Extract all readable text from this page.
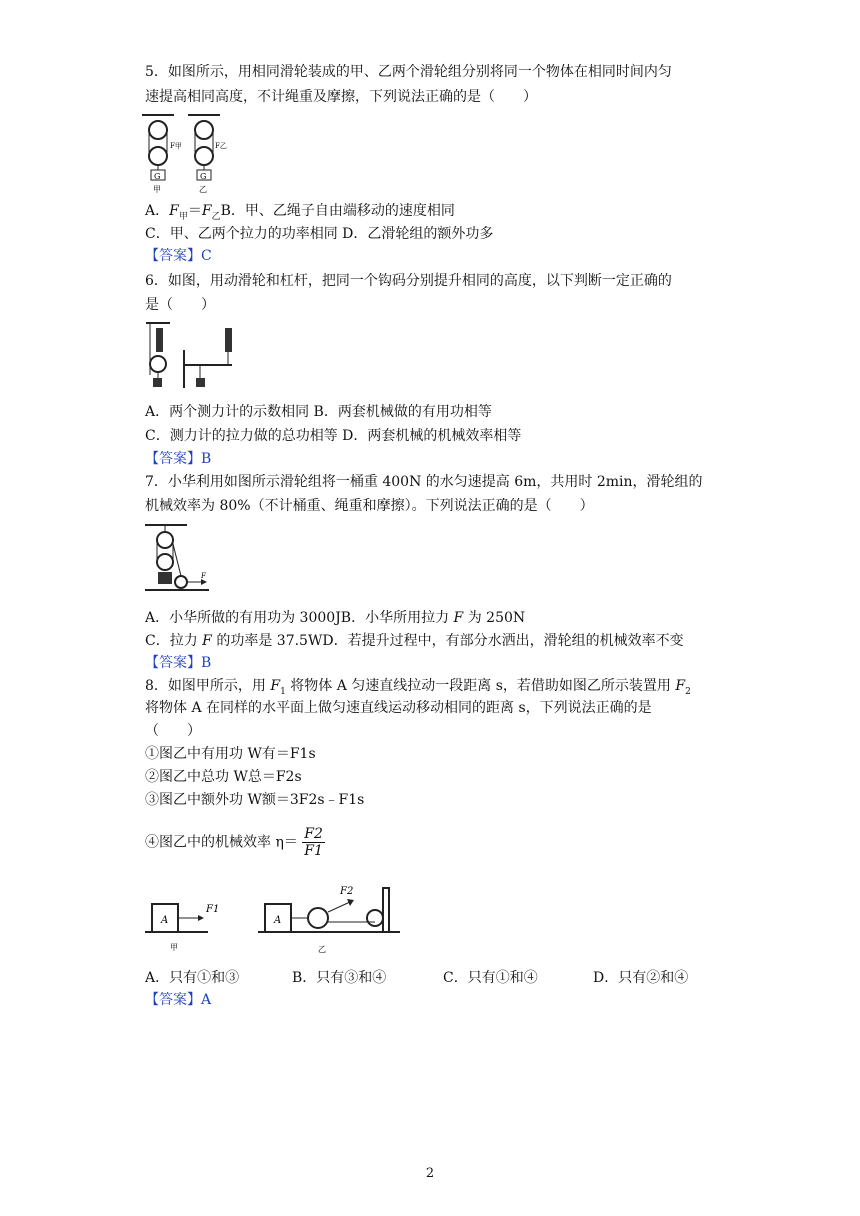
5．如图所示，用相同滑轮装成的甲、乙两个滑轮组分别将同一个物体在相同时间内匀
速提高相同高度，不计绳重及摩擦，下列说法正确的是（　　）
G
F甲
G
F乙
甲	乙
A．$F_甲=F_乙B$．甲、乙绳子自由端移动的速度相同
C．甲、乙两个拉力的功率相同 D．乙滑轮组的额外功多
【答案】C
6．如图，用动滑轮和杠杆，把同一个钩码分别提升相同的高度，以下判断一定正确的
是（　　）
A．两个测力计的示数相同 B．两套机械做的有用功相等
C．测力计的拉力做的总功相等 D．两套机械的机械效率相等
【答案】B
7．小华利用如图所示滑轮组将一桶重 400N 的水匀速提高 6m，共用时 2min，滑轮组的
机械效率为 80%（不计桶重、绳重和摩擦）。下列说法正确的是（　　）
F
A．小华所做的有用功为 3000JB．小华所用拉力 F 为 250N
C．拉力 F 的功率是 37.5WD．若提升过程中，有部分水洒出，滑轮组的机械效率不变
【答案】B
8．如图甲所示，用 $F_1$ 将物体 A 匀速直线拉动一段距离 s，若借助如图乙所示装置用 $F_2$
将物体 A 在同样的水平面上做匀速直线运动移动相同的距离 s，下列说法正确的是
（　　）
①图乙中有用功 W有＝F1s
②图乙中总功 W总＝F2s
③图乙中额外功 W额＝3F2s﹣F1s
④图乙中的机械效率 $\eta= \frac{F2}{F1}$
A
F1
甲
A
F2
乙
A．只有①和③	B．只有③和④	C．只有①和④	D．只有②和④
【答案】A
2
